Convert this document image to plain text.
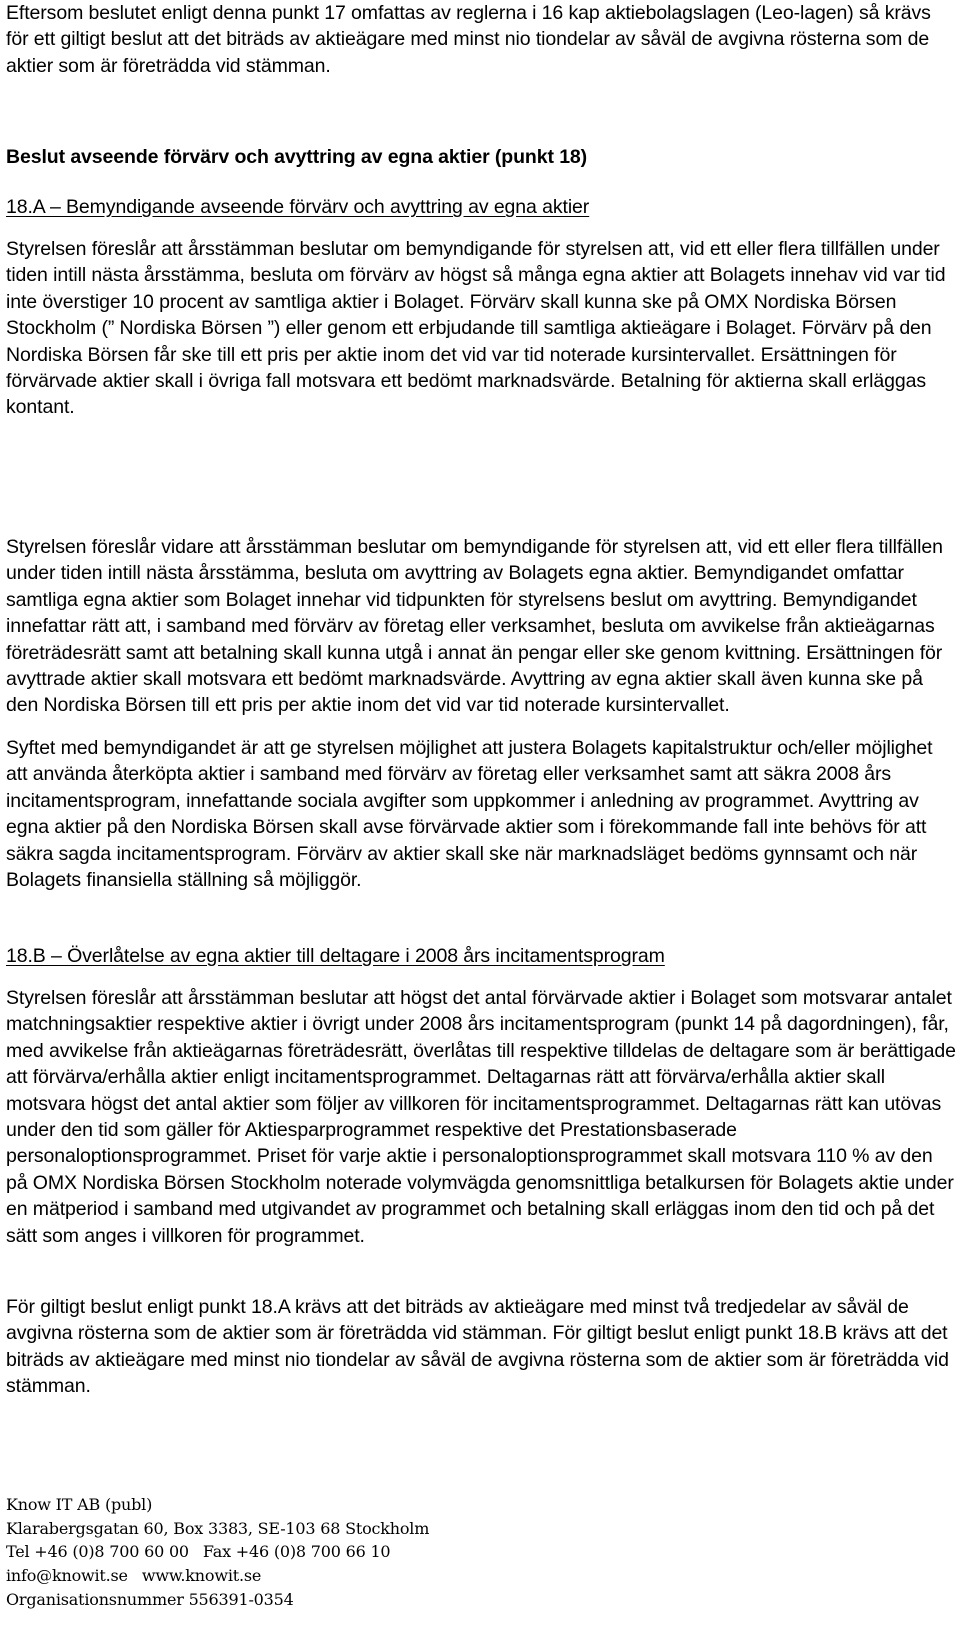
Eftersom beslutet enligt denna punkt 17 omfattas av reglerna i 16 kap aktiebolagslagen (Leo-lagen) så krävs för ett giltigt beslut att det biträds av aktieägare med minst nio tiondelar av såväl de avgivna rösterna som de aktier som är företrädda vid stämman.

Beslut avseende förvärv och avyttring av egna aktier (punkt 18)

18.A – Bemyndigande avseende förvärv och avyttring av egna aktier

Styrelsen föreslår att årsstämman beslutar om bemyndigande för styrelsen att, vid ett eller flera tillfällen under tiden intill nästa årsstämma, besluta om förvärv av högst så många egna aktier att Bolagets innehav vid var tid inte överstiger 10 procent av samtliga aktier i Bolaget. Förvärv skall kunna ske på OMX Nordiska Börsen Stockholm (” Nordiska Börsen ”) eller genom ett erbjudande till samtliga aktieägare i Bolaget. Förvärv på den Nordiska Börsen får ske till ett pris per aktie inom det vid var tid noterade kursintervallet. Ersättningen för förvärvade aktier skall i övriga fall motsvara ett bedömt marknadsvärde. Betalning för aktierna skall erläggas kontant.

Styrelsen föreslår vidare att årsstämman beslutar om bemyndigande för styrelsen att, vid ett eller flera tillfällen under tiden intill nästa årsstämma, besluta om avyttring av Bolagets egna aktier. Bemyndigandet omfattar samtliga egna aktier som Bolaget innehar vid tidpunkten för styrelsens beslut om avyttring. Bemyndigandet innefattar rätt att, i samband med förvärv av företag eller verksamhet, besluta om avvikelse från aktieägarnas företrädesrätt samt att betalning skall kunna utgå i annat än pengar eller ske genom kvittning. Ersättningen för avyttrade aktier skall motsvara ett bedömt marknadsvärde. Avyttring av egna aktier skall även kunna ske på den Nordiska Börsen till ett pris per aktie inom det vid var tid noterade kursintervallet.

Syftet med bemyndigandet är att ge styrelsen möjlighet att justera Bolagets kapitalstruktur och/eller möjlighet att använda återköpta aktier i samband med förvärv av företag eller verksamhet samt att säkra 2008 års incitamentsprogram, innefattande sociala avgifter som uppkommer i anledning av programmet. Avyttring av egna aktier på den Nordiska Börsen skall avse förvärvade aktier som i förekommande fall inte behövs för att säkra sagda incitamentsprogram. Förvärv av aktier skall ske när marknadsläget bedöms gynnsamt och när Bolagets finansiella ställning så möjliggör.

18.B – Överlåtelse av egna aktier till deltagare i 2008 års incitamentsprogram

Styrelsen föreslår att årsstämman beslutar att högst det antal förvärvade aktier i Bolaget som motsvarar antalet matchningsaktier respektive aktier i övrigt under 2008 års incitamentsprogram (punkt 14 på dagordningen), får, med avvikelse från aktieägarnas företrädesrätt, överlåtas till respektive tilldelas de deltagare som är berättigade att förvärva/erhålla aktier enligt incitamentsprogrammet. Deltagarnas rätt att förvärva/erhålla aktier skall motsvara högst det antal aktier som följer av villkoren för incitamentsprogrammet. Deltagarnas rätt kan utövas under den tid som gäller för Aktiesparprogrammet respektive det Prestationsbaserade personaloptionsprogrammet. Priset för varje aktie i personaloptionsprogrammet skall motsvara 110 % av den på OMX Nordiska Börsen Stockholm noterade volymvägda genomsnittliga betalkursen för Bolagets aktie under en mätperiod i samband med utgivandet av programmet och betalning skall erläggas inom den tid och på det sätt som anges i villkoren för programmet.

För giltigt beslut enligt punkt 18.A krävs att det biträds av aktieägare med minst två tredjedelar av såväl de avgivna rösterna som de aktier som är företrädda vid stämman. För giltigt beslut enligt punkt 18.B krävs att det biträds av aktieägare med minst nio tiondelar av såväl de avgivna rösterna som de aktier som är företrädda vid stämman.

Know IT AB (publ)
Klarabergsgatan 60, Box 3383, SE-103 68 Stockholm
Tel +46 (0)8 700 60 00 Fax +46 (0)8 700 66 10
info@knowit.se www.knowit.se
Organisationsnummer 556391-0354
